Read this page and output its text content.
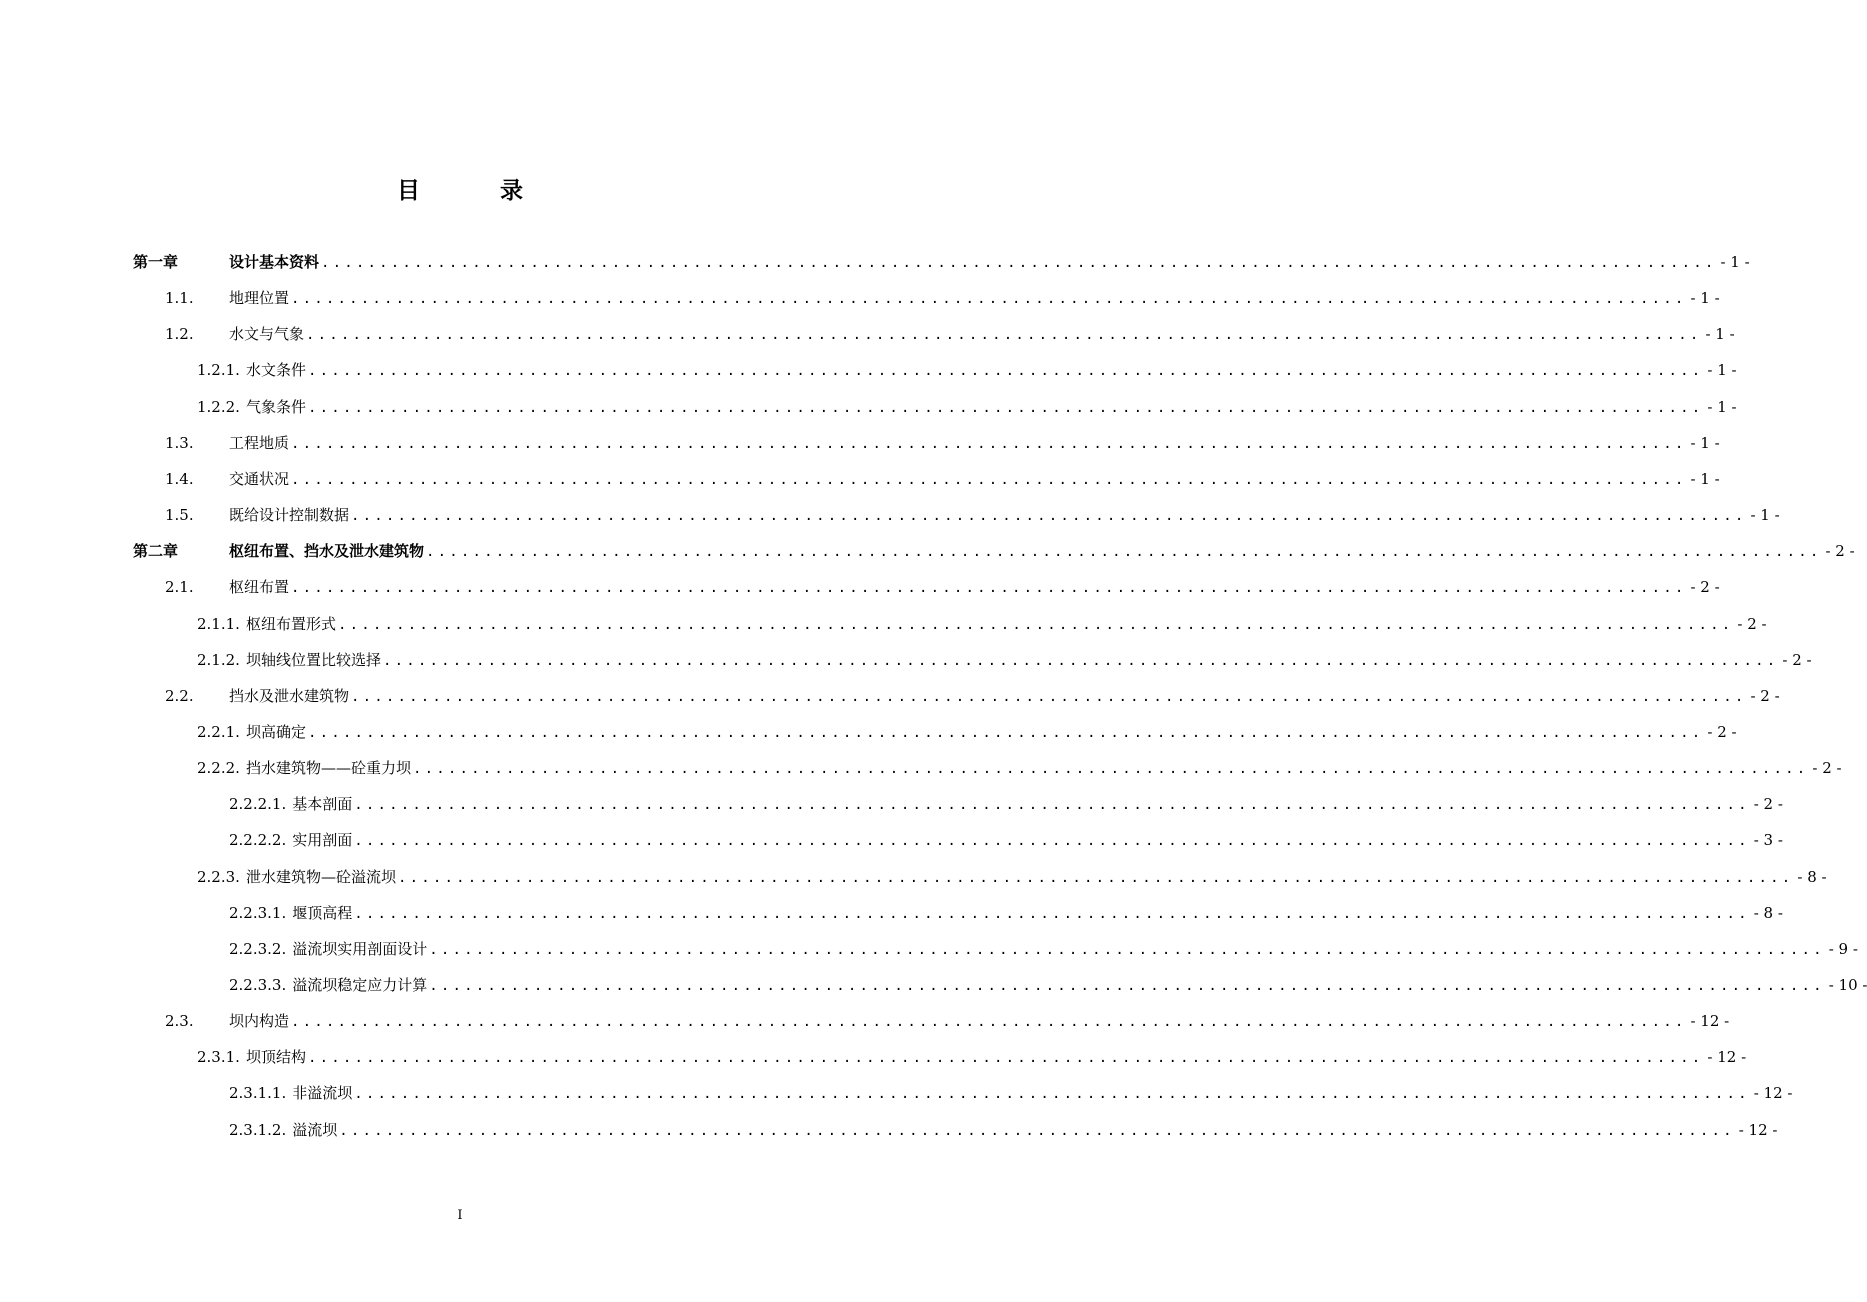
目 录
第一章	设计基本资料 ........................................................................................................................ - 1 -
1.1.	地理位置 ........................................................................................................................ - 1 -
1.2.	水文与气象 ........................................................................................................................ - 1 -
1.2.1. 水文条件 ........................................................................................................................ - 1 -
1.2.2. 气象条件 ........................................................................................................................ - 1 -
1.3.	工程地质 ........................................................................................................................ - 1 -
1.4.	交通状况 ........................................................................................................................ - 1 -
1.5.	既给设计控制数据 ........................................................................................................................ - 1 -
第二章	枢纽布置、挡水及泄水建筑物 ........................................................................................................................ - 2 -
2.1.	枢纽布置 ........................................................................................................................ - 2 -
2.1.1. 枢纽布置形式 ........................................................................................................................ - 2 -
2.1.2. 坝轴线位置比较选择 ........................................................................................................................ - 2 -
2.2.	挡水及泄水建筑物 ........................................................................................................................ - 2 -
2.2.1. 坝高确定 ........................................................................................................................ - 2 -
2.2.2. 挡水建筑物——砼重力坝 ........................................................................................................................ - 2 -
2.2.2.1. 基本剖面 ........................................................................................................................ - 2 -
2.2.2.2. 实用剖面 ........................................................................................................................ - 3 -
2.2.3. 泄水建筑物—砼溢流坝 ........................................................................................................................ - 8 -
2.2.3.1. 堰顶高程 ........................................................................................................................ - 8 -
2.2.3.2. 溢流坝实用剖面设计 ........................................................................................................................ - 9 -
2.2.3.3. 溢流坝稳定应力计算 ........................................................................................................................ - 10 -
2.3.	坝内构造 ........................................................................................................................ - 12 -
2.3.1. 坝顶结构 ........................................................................................................................ - 12 -
2.3.1.1. 非溢流坝 ........................................................................................................................ - 12 -
2.3.1.2. 溢流坝 ........................................................................................................................ - 12 -
I
